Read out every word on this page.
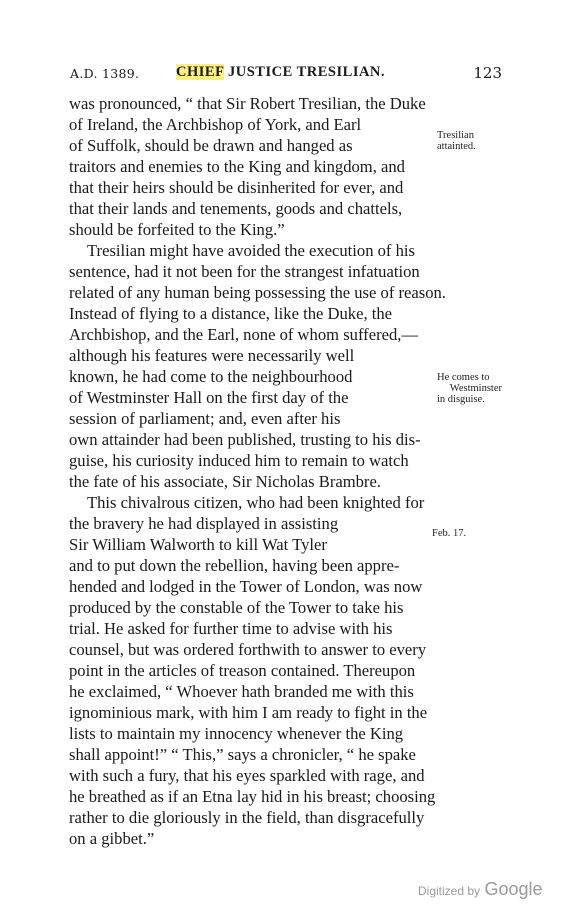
A.D. 1389.	CHIEF JUSTICE TRESILIAN.	123
was pronounced, “ that Sir Robert Tresilian, the Duke
of Ireland, the Archbishop of York, and Earl
of Suffolk, should be drawn and hanged as
traitors and enemies to the King and kingdom, and
that their heirs should be disinherited for ever, and
that their lands and tenements, goods and chattels,
should be forfeited to the King.”
Tresilian might have avoided the execution of his
sentence, had it not been for the strangest infatuation
related of any human being possessing the use of reason.
Instead of flying to a distance, like the Duke, the
Archbishop, and the Earl, none of whom suffered,—
although his features were necessarily well
known, he had come to the neighbourhood
of Westminster Hall on the first day of the
session of parliament; and, even after his
own attainder had been published, trusting to his dis-
guise, his curiosity induced him to remain to watch
the fate of his associate, Sir Nicholas Brambre.
This chivalrous citizen, who had been knighted for
the bravery he had displayed in assisting
Sir William Walworth to kill Wat Tyler
and to put down the rebellion, having been appre-
hended and lodged in the Tower of London, was now
produced by the constable of the Tower to take his
trial. He asked for further time to advise with his
counsel, but was ordered forthwith to answer to every
point in the articles of treason contained. Thereupon
he exclaimed, “ Whoever hath branded me with this
ignominious mark, with him I am ready to fight in the
lists to maintain my innocency whenever the King
shall appoint!” “ This,” says a chronicler, “ he spake
with such a fury, that his eyes sparkled with rage, and
he breathed as if an Etna lay hid in his breast; choosing
rather to die gloriously in the field, than disgracefully
on a gibbet.”
Tresilian
attainted.
He comes to
Westminster
in disguise.
Feb. 17.
Digitized by Google
